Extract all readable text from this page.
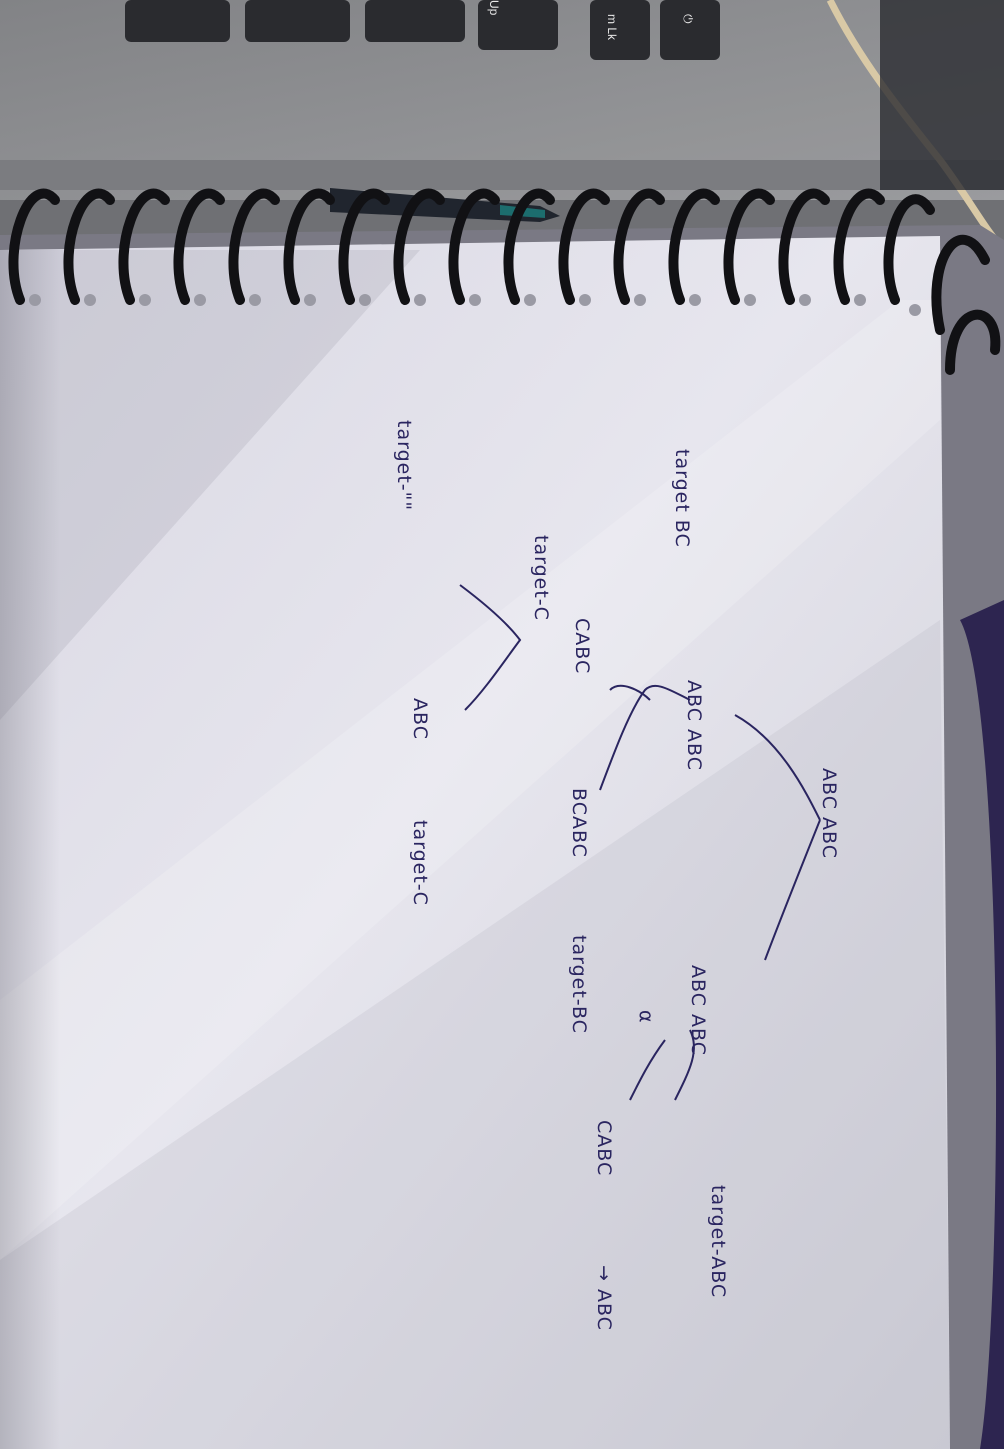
m Lk
Up
⏻
ABC ABC
target BC
ABC ABC
target-C
CABC
target-""
ABC
target-C	BCABC
target-BC	ABC ABC
α
target-ABC
CABC
→ ABC
